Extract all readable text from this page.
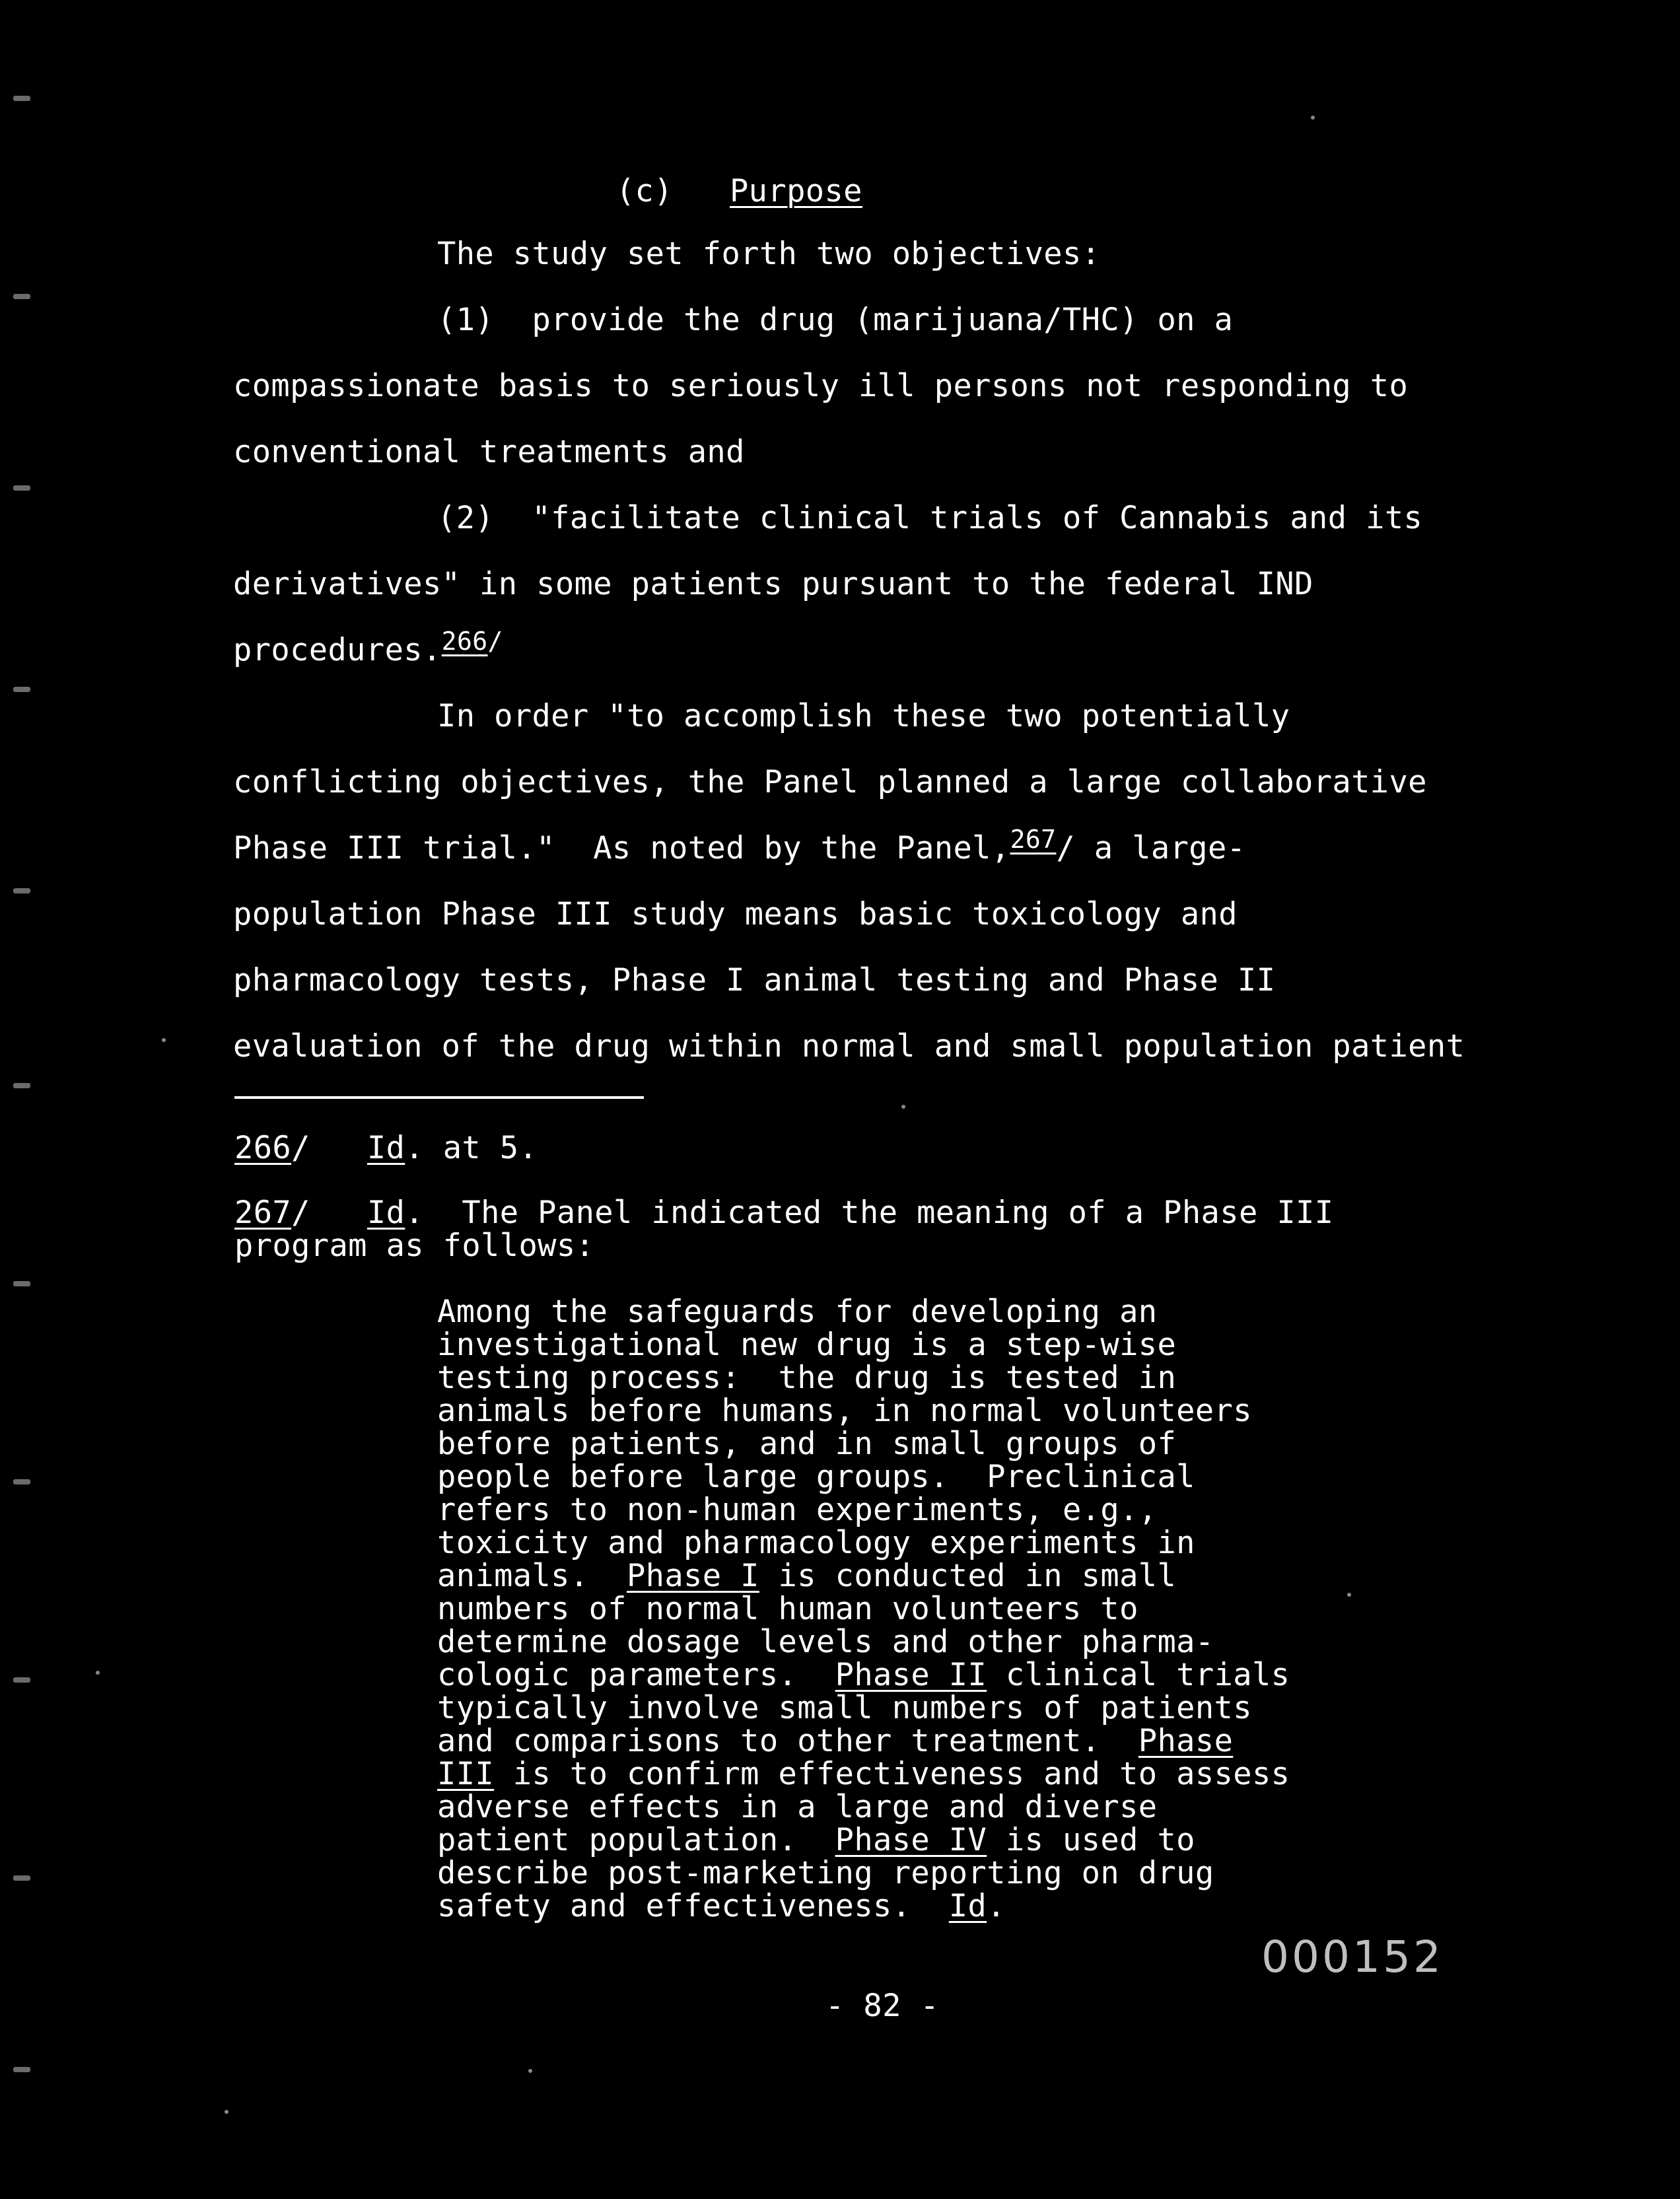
(c) Purpose

The study set forth two objectives:
(1)  provide the drug (marijuana/THC) on a
compassionate basis to seriously ill persons not responding to
conventional treatments and
(2)  "facilitate clinical trials of Cannabis and its
derivatives" in some patients pursuant to the federal IND
procedures.$^{266/}$
In order "to accomplish these two potentially
conflicting objectives, the Panel planned a large collaborative
Phase III trial."  As noted by the Panel,$^{267}$/ a large-
population Phase III study means basic toxicology and
pharmacology tests, Phase I animal testing and Phase II
evaluation of the drug within normal and small population patient
266/ Id. at 5.
267/ Id.  The Panel indicated the meaning of a Phase III
program as follows:
Among the safeguards for developing an
investigational new drug is a step-wise
testing process:  the drug is tested in
animals before humans, in normal volunteers
before patients, and in small groups of
people before large groups.  Preclinical
refers to non-human experiments, e.g.,
toxicity and pharmacology experiments in
animals.  Phase I is conducted in small
numbers of normal human volunteers to
determine dosage levels and other pharma-
cologic parameters.  Phase II clinical trials
typically involve small numbers of patients
and comparisons to other treatment.  Phase
III is to confirm effectiveness and to assess
adverse effects in a large and diverse
patient population.  Phase IV is used to
describe post-marketing reporting on drug
safety and effectiveness.  Id.
000152
- 82 -
